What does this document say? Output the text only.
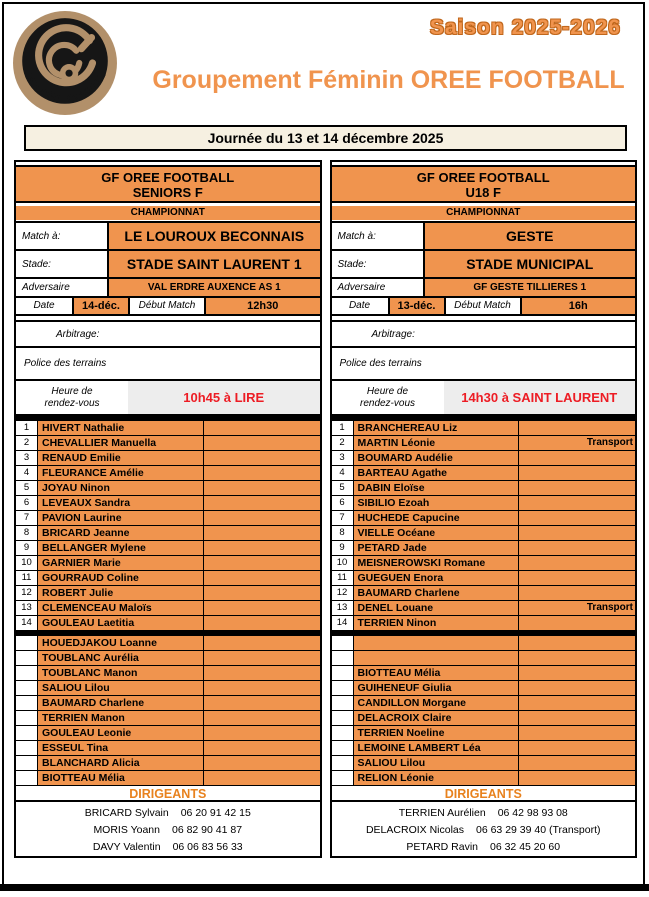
GF ORÉE FOOTBALL
Saison 2025-2026
Groupement Féminin OREE FOOTBALL
Journée du 13 et 14 décembre 2025
GF OREE FOOTBALL
SENIORS F
CHAMPIONNAT
Match à:	LE LOUROUX BECONNAIS
Stade:	STADE SAINT LAURENT 1
Adversaire	VAL ERDRE AUXENCE AS 1
Date	14-déc.	Début Match	12h30
Arbitrage:
Police des terrains
Heure de
rendez-vous	10h45 à LIRE
1	HIVERT Nathalie
2	CHEVALLIER Manuella
3	RENAUD Emilie
4	FLEURANCE Amélie
5	JOYAU Ninon
6	LEVEAUX Sandra
7	PAVION Laurine
8	BRICARD Jeanne
9	BELLANGER Mylene
10 GARNIER Marie
11	GOURRAUD Coline
12 ROBERT Julie
13 CLEMENCEAU Maloïs
14 GOULEAU Laetitia
HOUEDJAKOU Loanne
TOUBLANC Aurélia
TOUBLANC Manon
SALIOU Lilou
BAUMARD Charlene
TERRIEN Manon
GOULEAU Leonie
ESSEUL Tina
BLANCHARD Alicia
BIOTTEAU Mélia
DIRIGEANTS
BRICARD Sylvain 06 20 91 42 15
MORIS Yoann 06 82 90 41 87
DAVY Valentin 06 06 83 56 33
GF OREE FOOTBALL
U18 F
CHAMPIONNAT
Match à:	GESTE
Stade:	STADE MUNICIPAL
Adversaire	GF GESTE TILLIERES 1
Date	13-déc.	Début Match	16h
Arbitrage:
Police des terrains
Heure de
rendez-vous	14h30 à SAINT LAURENT
1	BRANCHEREAU Liz
2	MARTIN Léonie	Transport
3	BOUMARD Audélie
4	BARTEAU Agathe
5	DABIN Eloïse
6	SIBILIO Ezoah
7	HUCHEDE Capucine
8	VIELLE Océane
9	PETARD Jade
10 MEISNEROWSKI Romane
11	GUEGUEN Enora
12 BAUMARD Charlene
13 DENEL Louane	Transport
14 TERRIEN Ninon
BIOTTEAU Mélia
GUIHENEUF Giulia
CANDILLON Morgane
DELACROIX Claire
TERRIEN Noeline
LEMOINE LAMBERT Léa
SALIOU Lilou
RELION Léonie
DIRIGEANTS
TERRIEN Aurélien 06 42 98 93 08
DELACROIX Nicolas 06 63 29 39 40 (Transport)
PETARD Ravin 06 32 45 20 60
